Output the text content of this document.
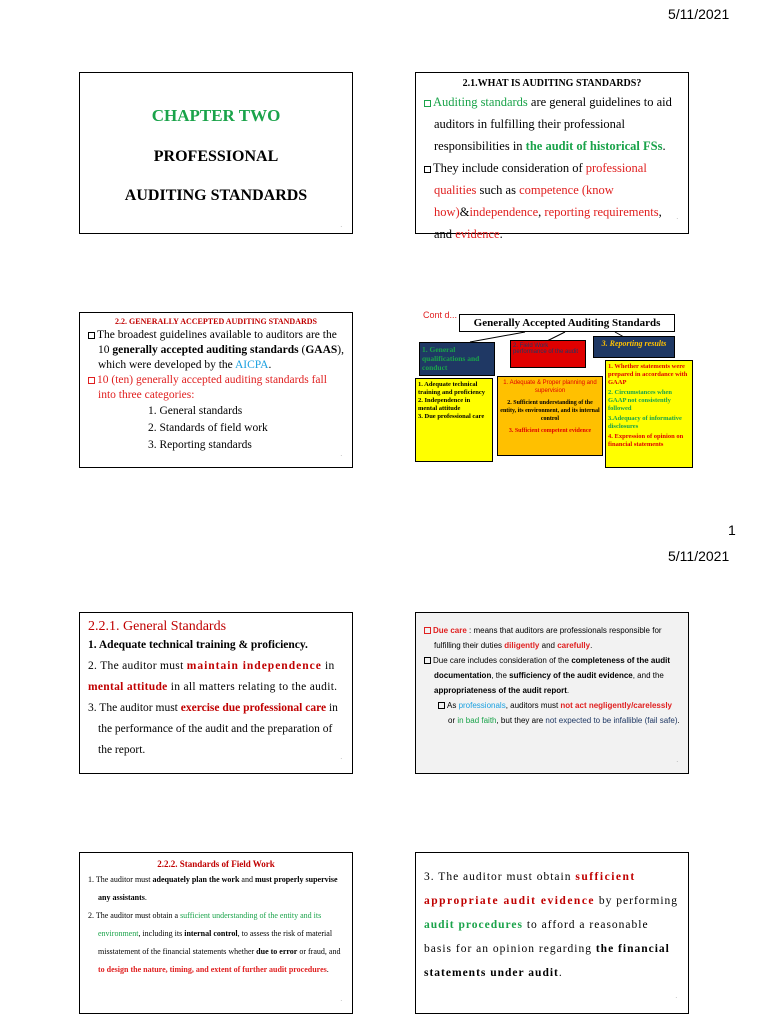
5/11/2021
1
5/11/2021
CHAPTER TWO
PROFESSIONAL
AUDITING STANDARDS
.
2.1.WHAT IS AUDITING STANDARDS?

Auditing standards are general guidelines to aid auditors in fulfilling their professional responsibilities in the audit of historical FSs.

They include consideration of professional qualities such as competence (know how)&independence, reporting requirements, and evidence.

.
2.2. GENERALLY ACCEPTED AUDITING STANDARDS

The broadest guidelines available to auditors are the 10 generally accepted auditing standards (GAAS), which were developed by the AICPA.

10 (ten) generally accepted auditing standards fall into three categories:

1. General standards
2. Standards of field work
3. Reporting standards
.
Cont d...
Generally Accepted Auditing Standards
1. General qualifications and conduct
2. Field Work performance of the audit
3. Reporting results
1. Adequate technical training and proficiency
2. Independence in mental attitude
3. Due professional care
1. Adequate & Proper planning and supervision
2. Sufficient understanding of the entity, its environment, and its internal control
3. Sufficient competent evidence
1. Whether statements were prepared in accordance with GAAP
2. Circumstances when GAAP not consistently followed
3.Adequacy of informative disclosures
4. Expression of opinion on financial statements
2.2.1. General Standards
1. Adequate technical training & proficiency.
2. The auditor must maintain independence in mental attitude in all matters relating to the audit.
3. The auditor must exercise due professional care in the performance of the audit and the preparation of the report.
.

Due care : means that auditors are professionals responsible for fulfilling their duties diligently and carefully.

Due care includes consideration of the completeness of the audit documentation, the sufficiency of the audit evidence, and the appropriateness of the audit report.

As professionals, auditors must not act negligently/carelessly or in bad faith, but they are not expected to be infallible (fail safe).

.
2.2.2. Standards of Field Work

1. The auditor must adequately plan the work and must properly supervise any assistants.

2. The auditor must obtain a sufficient understanding of the entity and its environment, including its internal control, to assess the risk of material misstatement of the financial statements whether due to error or fraud, and to design the nature, timing, and extent of further audit procedures.

.

3. The auditor must obtain sufficient appropriate audit evidence by performing audit procedures to afford a reasonable basis for an opinion regarding the financial statements under audit.

.
